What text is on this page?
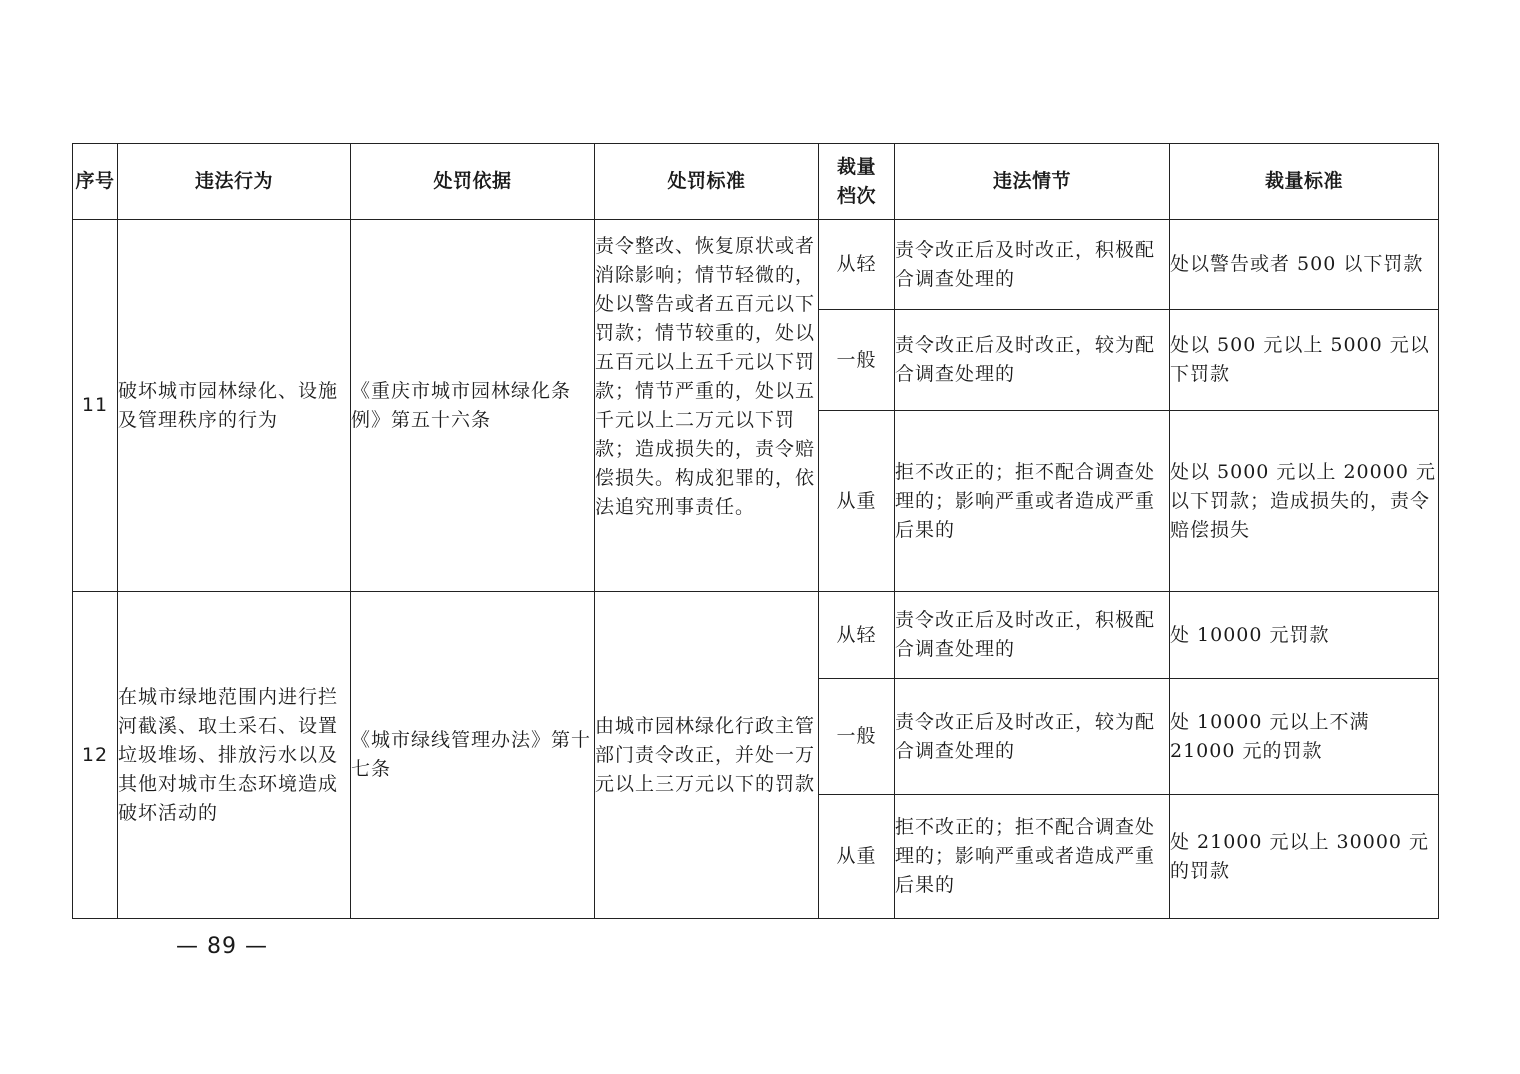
序号	违法行为	处罚依据	处罚标准	裁量档次	违法情节	裁量标准
11	破坏城市园林绿化、设施及管理秩序的行为	《重庆市城市园林绿化条例》第五十六条	责令整改、恢复原状或者消除影响；情节轻微的，处以警告或者五百元以下罚款；情节较重的，处以五百元以上五千元以下罚款；情节严重的，处以五千元以上二万元以下罚款；造成损失的，责令赔偿损失。构成犯罪的，依法追究刑事责任。	从轻	责令改正后及时改正，积极配合调查处理的	处以警告或者 500 以下罚款
				一般	责令改正后及时改正，较为配合调查处理的	处以 500 元以上 5000 元以下罚款
				从重	拒不改正的；拒不配合调查处理的；影响严重或者造成严重后果的	处以 5000 元以上 20000 元以下罚款；造成损失的，责令赔偿损失
12	在城市绿地范围内进行拦河截溪、取土采石、设置垃圾堆场、排放污水以及其他对城市生态环境造成破坏活动的	《城市绿线管理办法》第十七条	由城市园林绿化行政主管部门责令改正，并处一万元以上三万元以下的罚款	从轻	责令改正后及时改正，积极配合调查处理的	处 10000 元罚款
				一般	责令改正后及时改正，较为配合调查处理的	处 10000 元以上不满 21000 元的罚款
				从重	拒不改正的；拒不配合调查处理的；影响严重或者造成严重后果的	处 21000 元以上 30000 元的罚款
— 89 —
